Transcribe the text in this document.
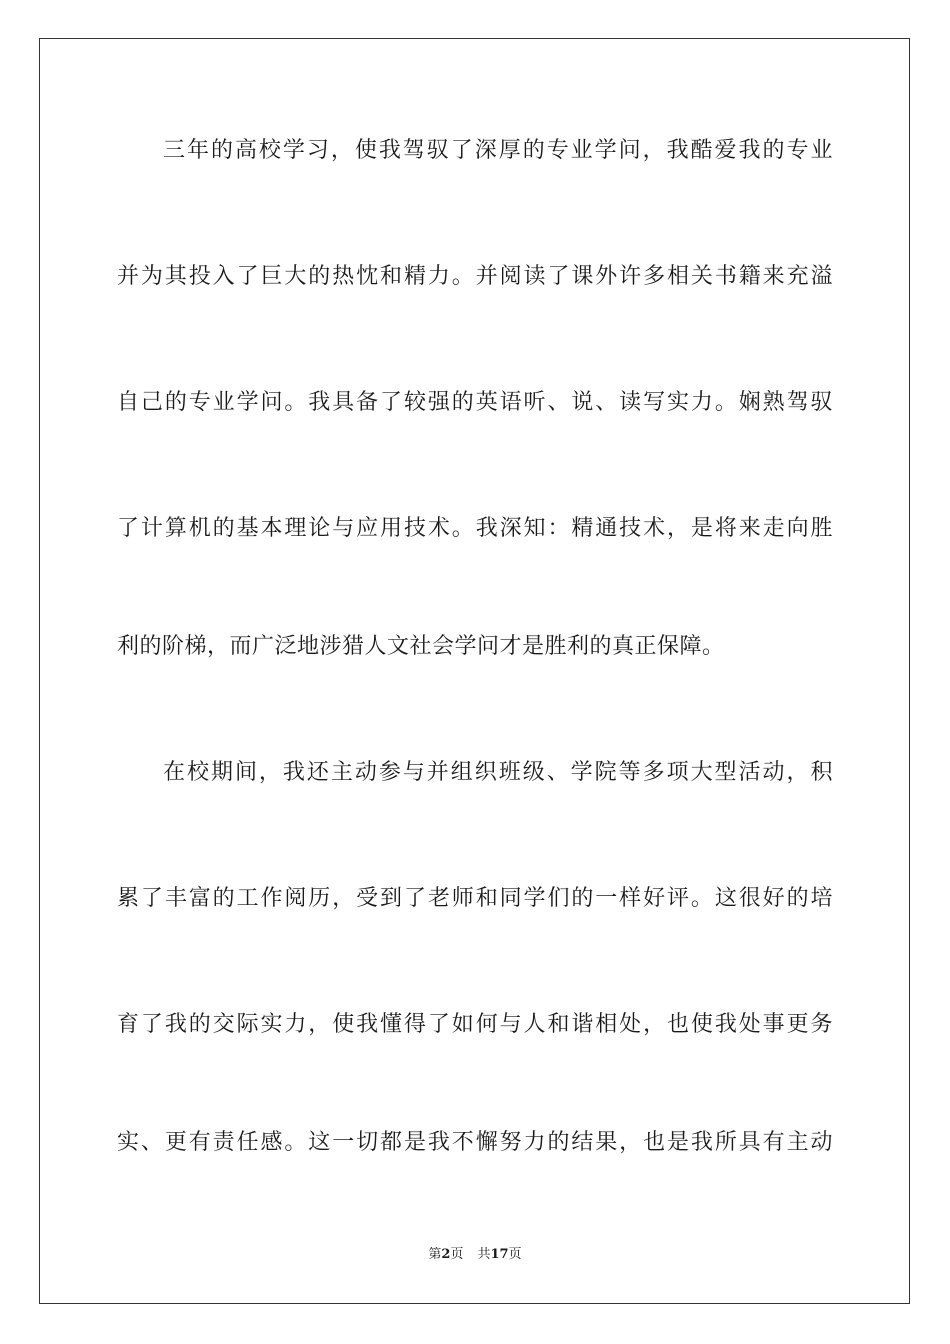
三年的高校学习，使我驾驭了深厚的专业学问，我酷爱我的专业
并为其投入了巨大的热忱和精力。并阅读了课外许多相关书籍来充溢
自己的专业学问。我具备了较强的英语听、说、读写实力。娴熟驾驭
了计算机的基本理论与应用技术。我深知：精通技术，是将来走向胜
利的阶梯，而广泛地涉猎人文社会学问才是胜利的真正保障。
在校期间，我还主动参与并组织班级、学院等多项大型活动，积
累了丰富的工作阅历，受到了老师和同学们的一样好评。这很好的培
育了我的交际实力，使我懂得了如何与人和谐相处，也使我处事更务
实、更有责任感。这一切都是我不懈努力的结果，也是我所具有主动
第2页 共17页
